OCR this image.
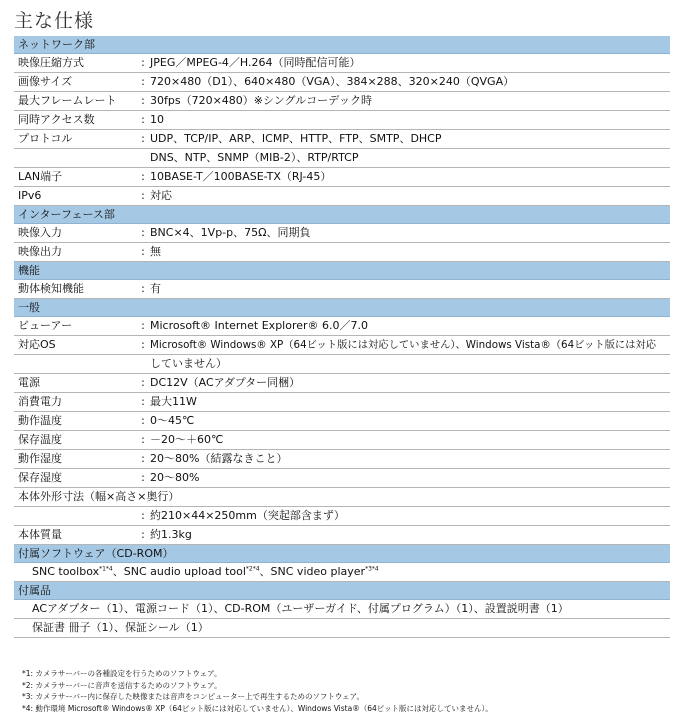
主な仕様
ネットワーク部
映像圧縮方式	: JPEG／MPEG-4／H.264（同時配信可能）
画像サイズ	: 720×480（D1）、640×480（VGA）、384×288、320×240（QVGA）
最大フレームレート	: 30fps（720×480）※シングルコーデック時
同時アクセス数	: 10
プロトコル	: UDP、TCP/IP、ARP、ICMP、HTTP、FTP、SMTP、DHCP
DNS、NTP、SNMP（MIB-2）、RTP/RTCP
LAN端子	: 10BASE-T／100BASE-TX（RJ-45）
IPv6	: 対応
インターフェース部
映像入力	: BNC×4、1Vp-p、75Ω、同期負
映像出力	: 無
機能
動体検知機能	: 有
一般
ビューアー	: Microsoft® Internet Explorer® 6.0／7.0
対応OS	: Microsoft® Windows® XP（64ビット版には対応していません）、Windows Vista®（64ビット版には対応
していません）
電源	: DC12V（ACアダプター同梱）
消費電力	: 最大11W
動作温度	: 0～45℃
保存温度	: －20～＋60℃
動作湿度	: 20～80%（結露なきこと）
保存湿度	: 20～80%
本体外形寸法（幅×高さ×奥行）
: 約210×44×250mm（突起部含まず）
本体質量	: 約1.3kg
付属ソフトウェア（CD-ROM）
SNC toolbox$^{*1*4}$、SNC audio upload tool$^{*2*4}$、SNC video player$^{*3*4}$
付属品
ACアダプター（1）、電源コード（1）、CD-ROM（ユーザーガイド、付属プログラム）（1）、設置説明書（1）
保証書 冊子（1）、保証シール（1）
*1: カメラサーバーの各種設定を行うためのソフトウェア。
*2: カメラサーバーに音声を送信するためのソフトウェア。
*3: カメラサーバー内に保存した映像または音声をコンピューター上で再生するためのソフトウェア。
*4: 動作環境 Microsoft® Windows® XP（64ビット版には対応していません）、Windows Vista®（64ビット版には対応していません）。
